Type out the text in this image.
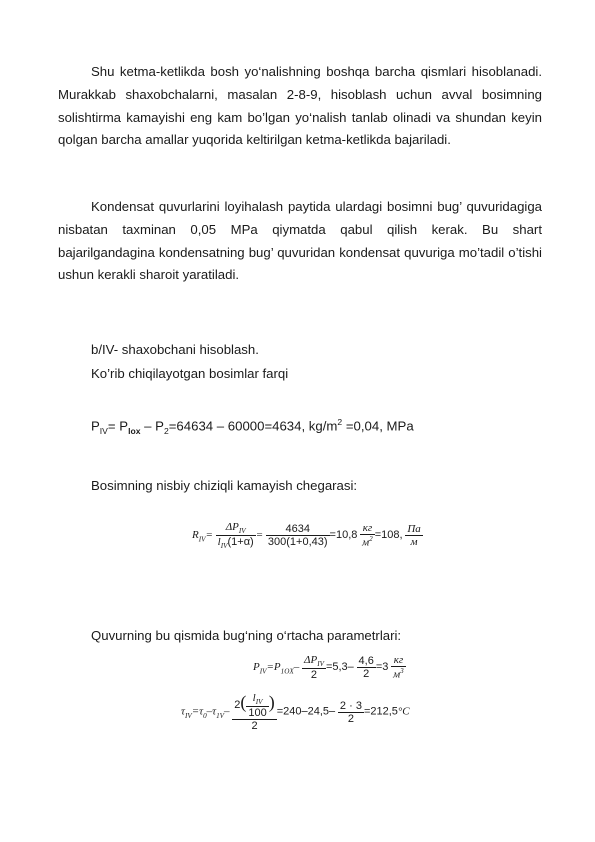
Shu ketma-ketlikda bosh yo‘nalishning boshqa barcha qismlari hisoblanadi. Murakkab shaxobchalarni, masalan 2-8-9, hisoblash uchun avval bosimning solishtirma kamayishi eng kam bo’lgan yo‘nalish tanlab olinadi va shundan keyin qolgan barcha amallar yuqorida keltirilgan ketma-ketlikda bajariladi.
Kondensat quvurlarini loyihalash paytida ulardagi bosimni bug’ quvuridagiga nisbatan taxminan 0,05 MPa qiymatda qabul qilish kerak. Bu shart bajarilgandagina kondensatning bug’ quvuridan kondensat quvuriga mo’tadil o’tishi ushun kerakli sharoit yaratiladi.
b/IV- shaxobchani hisoblash.
Ko’rib chiqilayotgan bosimlar farqi
$P_{IV}= P_{lox} - P_2=64634 - 60000=4634$, $kg/m^2 =0,04$, MPa
Bosimning nisbiy chiziqli kamayish chegarasi:
$R_{IV}= \frac{\Delta P_{IV}}{l_{IV}(1+\alpha)} = \frac{4634}{300(1+0,43)} =10,8 \frac{кг}{м^2} =108$, $\frac{Па}{м}$
Quvurning bu qismida bug‘ning o‘rtacha parametrlari:
$P_{IV}=P_{1OX}- \frac{\Delta P_{IV}}{2} =5,3- \frac{4,6}{2} =3 \frac{кг}{м^3}$
$\tau_{IV}=\tau_0-\tau_{1V}- \frac{2( \frac{l_{IV}}{100} )}{2} =240-24,5- \frac{2 \cdot 3}{2} =212,5^\circ C$
